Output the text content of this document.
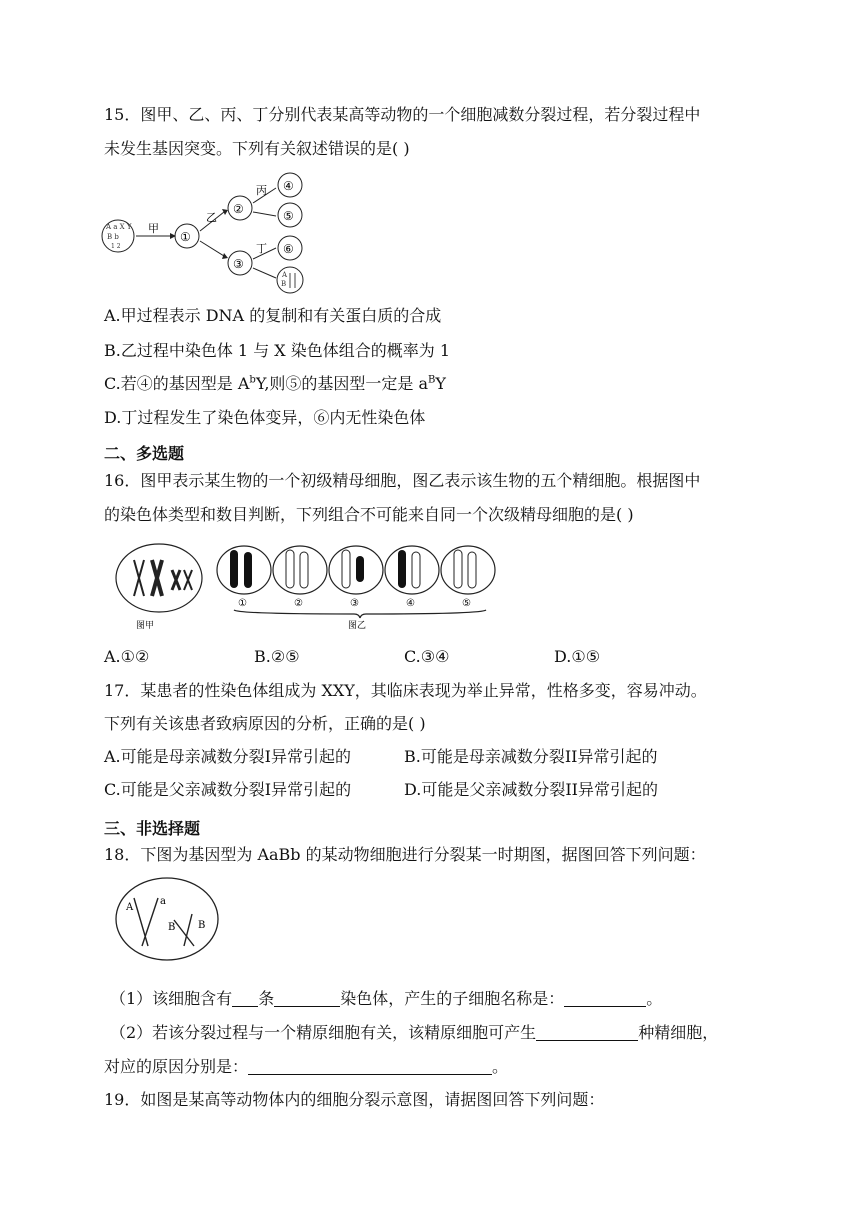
15．图甲、乙、丙、丁分别代表某高等动物的一个细胞减数分裂过程，若分裂过程中
未发生基因突变。下列有关叙述错误的是( )
A a X Y
B b
1 2
甲
①
乙
②
③
丙
丁
④
⑤
⑥
A
B
A.甲过程表示 DNA 的复制和有关蛋白质的合成
B.乙过程中染色体 1 与 X 染色体组合的概率为 1
C.若④的基因型是 $A^bY$,则⑤的基因型一定是 $a^BY$
D.丁过程发生了染色体变异，⑥内无性染色体
二、多选题
16．图甲表示某生物的一个初级精母细胞，图乙表示该生物的五个精细胞。根据图中
的染色体类型和数目判断，下列组合不可能来自同一个次级精母细胞的是( )
图甲
①	②	③	④	⑤
图乙
A.①②	B.②⑤	C.③④	D.①⑤
17．某患者的性染色体组成为 XXY，其临床表现为举止异常，性格多变，容易冲动。
下列有关该患者致病原因的分析，正确的是( )
A.可能是母亲减数分裂I异常引起的	B.可能是母亲减数分裂II异常引起的
C.可能是父亲减数分裂I异常引起的	D.可能是父亲减数分裂II异常引起的
三、非选择题
18．下图为基因型为 AaBb 的某动物细胞进行分裂某一时期图，据图回答下列问题：
A
a
B B
（1）该细胞含有 条	染色体，产生的子细胞名称是：	。
（2）若该分裂过程与一个精原细胞有关，该精原细胞可产生	种精细胞，
对应的原因分别是：	。
19．如图是某高等动物体内的细胞分裂示意图，请据图回答下列问题：
